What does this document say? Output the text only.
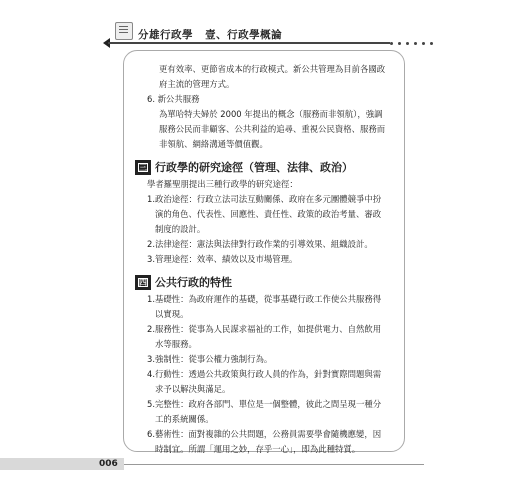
分雄行政學 壹、行政學概論
更有效率、更節省成本的行政模式。新公共管理為目前各國政
府主流的管理方式。
6. 新公共服務
為單哈特夫婦於 2000 年提出的概念（服務而非領航），強調
服務公民而非顧客、公共利益的追尋、重視公民資格、服務而
非領航、網絡溝通等價值觀。
三 行政學的研究途徑（管理、法律、政治）
學者羅聖朋提出三種行政學的研究途徑：
1. 政治途徑：行政立法司法互動關係、政府在多元團體競爭中扮
演的角色、代表性、回應性、責任性、政策的政治考量、審政
制度的設計。
2. 法律途徑：憲法與法律對行政作業的引導效果、組織設計。
3. 管理途徑：效率、績效以及市場管理。
四 公共行政的特性
1. 基礎性：為政府運作的基礎，從事基礎行政工作使公共服務得
以實現。
2. 服務性：從事為人民謀求福祉的工作，如提供電力、自然飲用
水等服務。
3. 強制性：從事公權力強制行為。
4. 行動性：透過公共政策與行政人員的作為，針對實際問題與需
求予以解決與滿足。
5. 完整性：政府各部門、單位是一個整體，彼此之間呈現一種分
工的系統關係。
6. 藝術性：面對複雜的公共問題，公務員需要學會隨機應變，因
時制宜。所謂「運用之妙，存乎一心」，即為此種特質。
006
